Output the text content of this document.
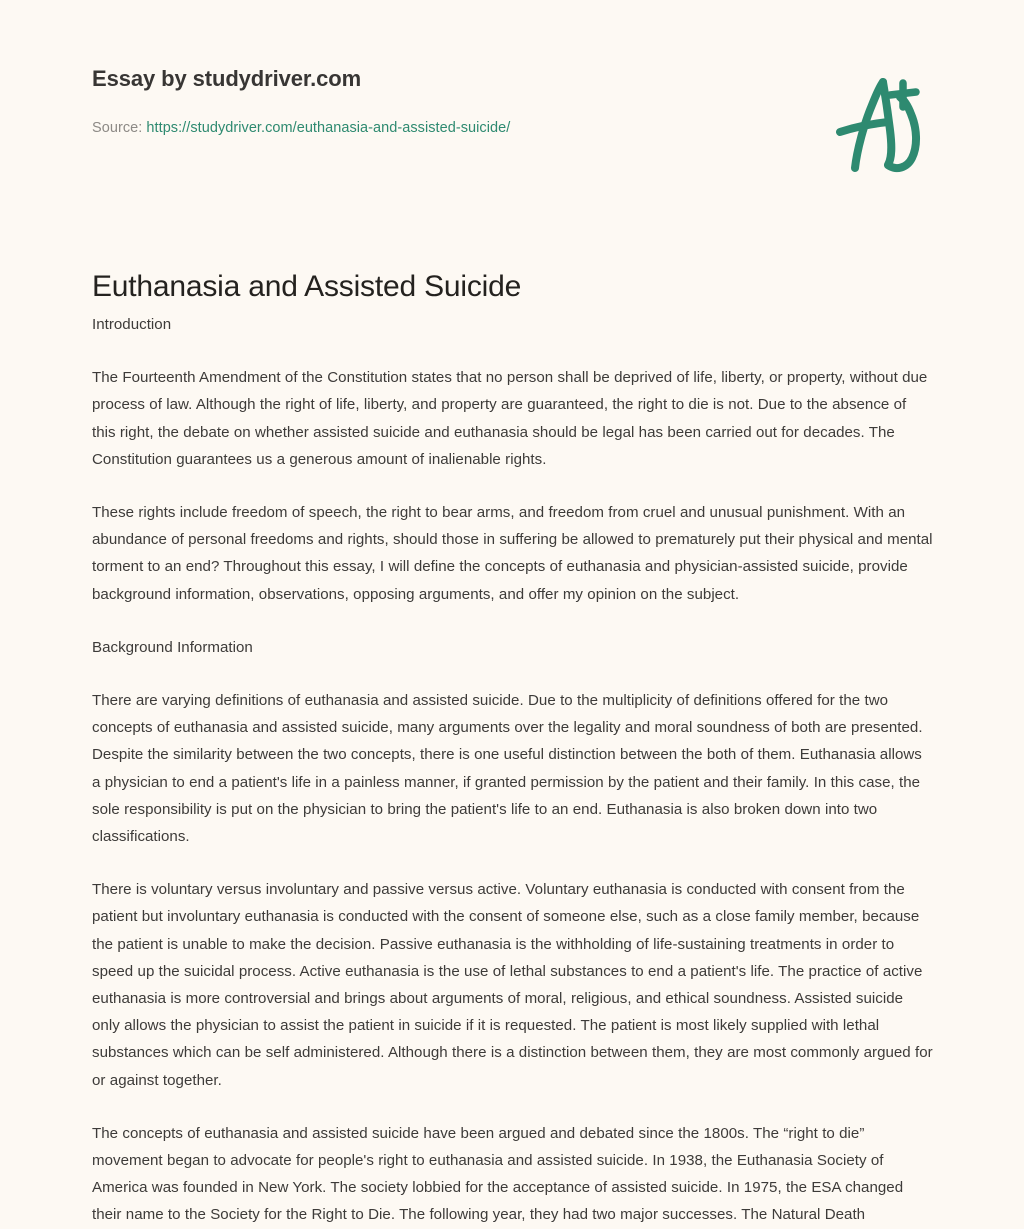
Essay by studydriver.com
Source: https://studydriver.com/euthanasia-and-assisted-suicide/
Euthanasia and Assisted Suicide

Introduction

The Fourteenth Amendment of the Constitution states that no person shall be deprived of life, liberty, or property, without due process of law. Although the right of life, liberty, and property are guaranteed, the right to die is not. Due to the absence of this right, the debate on whether assisted suicide and euthanasia should be legal has been carried out for decades. The Constitution guarantees us a generous amount of inalienable rights.

These rights include freedom of speech, the right to bear arms, and freedom from cruel and unusual punishment. With an abundance of personal freedoms and rights, should those in suffering be allowed to prematurely put their physical and mental torment to an end? Throughout this essay, I will define the concepts of euthanasia and physician-assisted suicide, provide background information, observations, opposing arguments, and offer my opinion on the subject.

Background Information

There are varying definitions of euthanasia and assisted suicide. Due to the multiplicity of definitions offered for the two concepts of euthanasia and assisted suicide, many arguments over the legality and moral soundness of both are presented. Despite the similarity between the two concepts, there is one useful distinction between the both of them. Euthanasia allows a physician to end a patient's life in a painless manner, if granted permission by the patient and their family. In this case, the sole responsibility is put on the physician to bring the patient's life to an end. Euthanasia is also broken down into two classifications.

There is voluntary versus involuntary and passive versus active. Voluntary euthanasia is conducted with consent from the patient but involuntary euthanasia is conducted with the consent of someone else, such as a close family member, because the patient is unable to make the decision. Passive euthanasia is the withholding of life-sustaining treatments in order to speed up the suicidal process. Active euthanasia is the use of lethal substances to end a patient's life. The practice of active euthanasia is more controversial and brings about arguments of moral, religious, and ethical soundness. Assisted suicide only allows the physician to assist the patient in suicide if it is requested. The patient is most likely supplied with lethal substances which can be self administered. Although there is a distinction between them, they are most commonly argued for or against together.

The concepts of euthanasia and assisted suicide have been argued and debated since the 1800s. The “right to die” movement began to advocate for people's right to euthanasia and assisted suicide. In 1938, the Euthanasia Society of America was founded in New York. The society lobbied for the acceptance of assisted suicide. In 1975, the ESA changed their name to the Society for the Right to Die. The following year, they had two major successes. The Natural Death
